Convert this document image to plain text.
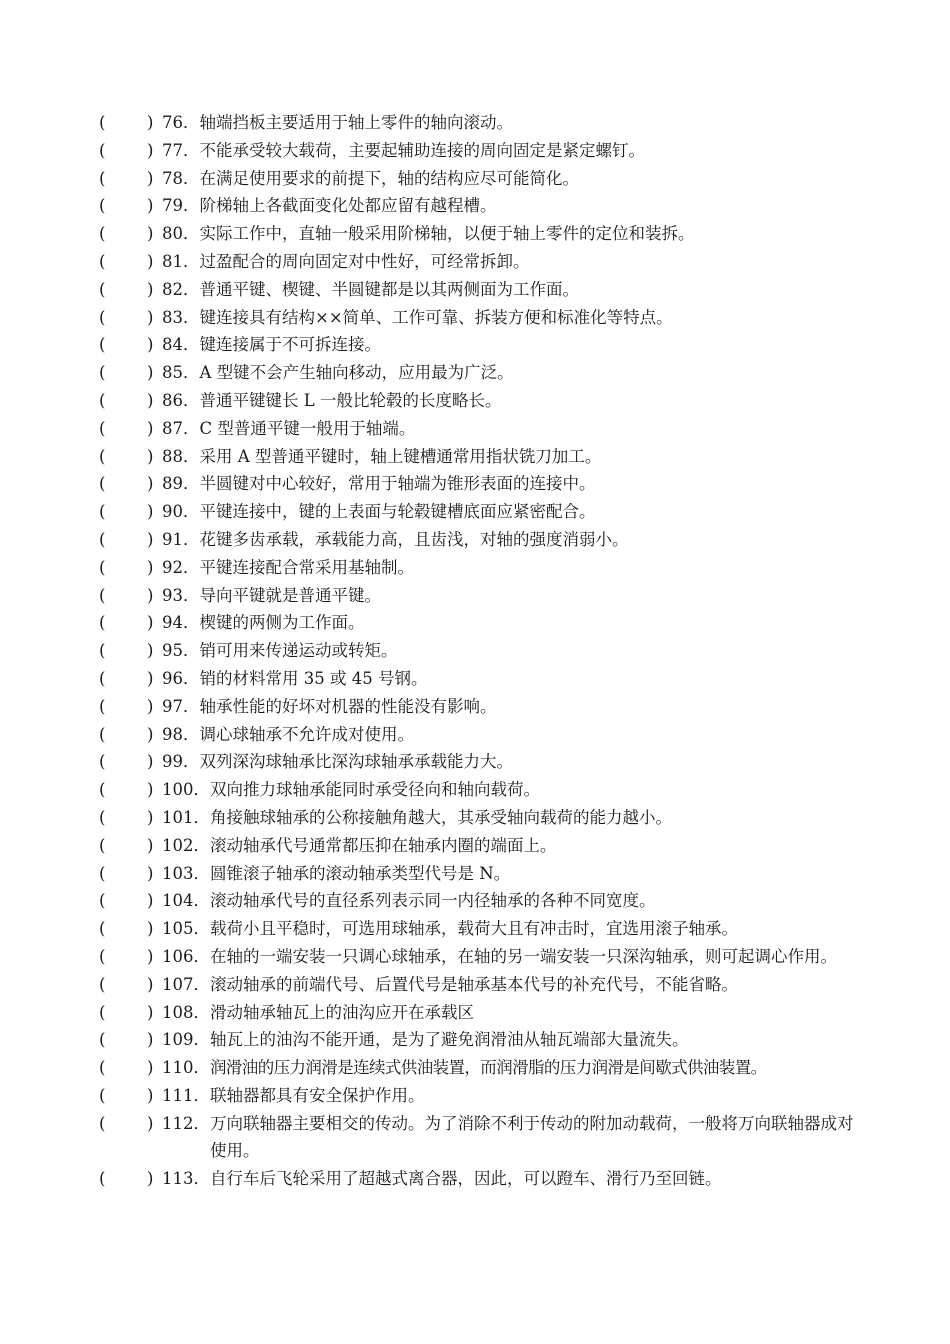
(	) 76． 轴端挡板主要适用于轴上零件的轴向滚动。
(	) 77． 不能承受较大载荷，主要起辅助连接的周向固定是紧定螺钉。
(	) 78． 在满足使用要求的前提下，轴的结构应尽可能简化。
(	) 79． 阶梯轴上各截面变化处都应留有越程槽。
(	) 80． 实际工作中，直轴一般采用阶梯轴，以便于轴上零件的定位和装拆。
(	) 81． 过盈配合的周向固定对中性好，可经常拆卸。
(	) 82． 普通平键、楔键、半圆键都是以其两侧面为工作面。
(	) 83． 键连接具有结构××简单、工作可靠、拆装方便和标准化等特点。
(	) 84． 键连接属于不可拆连接。
(	) 85． A 型键不会产生轴向移动，应用最为广泛。
(	) 86． 普通平键键长 L 一般比轮毂的长度略长。
(	) 87． C 型普通平键一般用于轴端。
(	) 88． 采用 A 型普通平键时，轴上键槽通常用指状铣刀加工。
(	) 89． 半圆键对中心较好，常用于轴端为锥形表面的连接中。
(	) 90． 平键连接中，键的上表面与轮毂键槽底面应紧密配合。
(	) 91． 花键多齿承载，承载能力高，且齿浅，对轴的强度消弱小。
(	) 92． 平键连接配合常采用基轴制。
(	) 93． 导向平键就是普通平键。
(	) 94． 楔键的两侧为工作面。
(	) 95． 销可用来传递运动或转矩。
(	) 96． 销的材料常用 35 或 45 号钢。
(	) 97． 轴承性能的好坏对机器的性能没有影响。
(	) 98． 调心球轴承不允许成对使用。
(	) 99． 双列深沟球轴承比深沟球轴承承载能力大。
(	) 100． 双向推力球轴承能同时承受径向和轴向载荷。
(	) 101． 角接触球轴承的公称接触角越大，其承受轴向载荷的能力越小。
(	) 102． 滚动轴承代号通常都压抑在轴承内圈的端面上。
(	) 103． 圆锥滚子轴承的滚动轴承类型代号是 N。
(	) 104． 滚动轴承代号的直径系列表示同一内径轴承的各种不同宽度。
(	) 105． 载荷小且平稳时，可选用球轴承，载荷大且有冲击时，宜选用滚子轴承。
(	) 106． 在轴的一端安装一只调心球轴承，在轴的另一端安装一只深沟轴承，则可起调心作用。
(	) 107． 滚动轴承的前端代号、后置代号是轴承基本代号的补充代号，不能省略。
(	) 108． 滑动轴承轴瓦上的油沟应开在承载区
(	) 109． 轴瓦上的油沟不能开通，是为了避免润滑油从轴瓦端部大量流失。
(	) 110． 润滑油的压力润滑是连续式供油装置，而润滑脂的压力润滑是间歇式供油装置。
(	) 111． 联轴器都具有安全保护作用。
(	) 112． 万向联轴器主要相交的传动。为了消除不利于传动的附加动载荷，一般将万向联轴器成对使用。
(	) 113． 自行车后飞轮采用了超越式离合器，因此，可以蹬车、滑行乃至回链。
